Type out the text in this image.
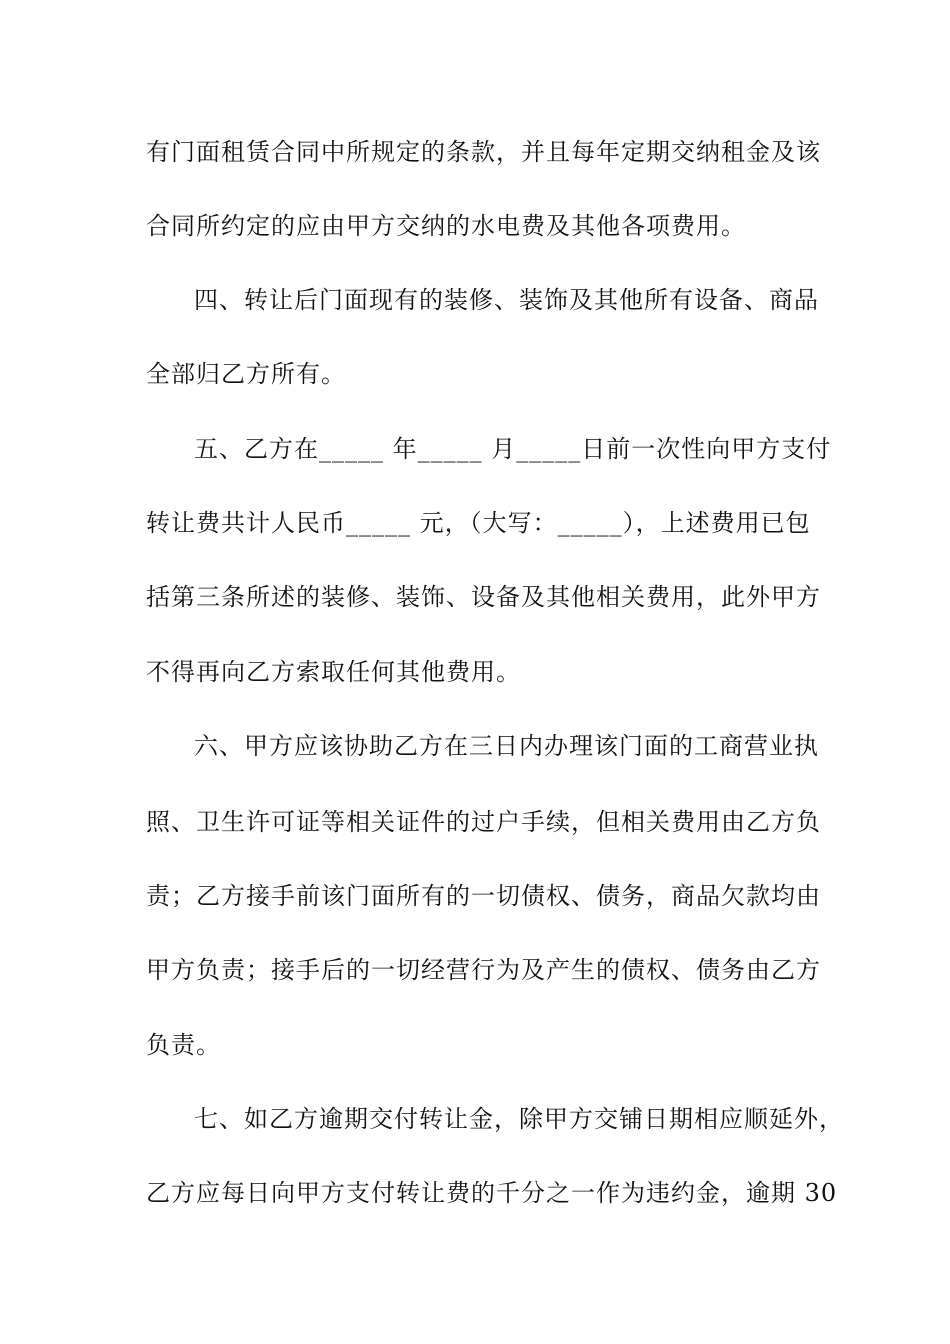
有门面租赁合同中所规定的条款，并且每年定期交纳租金及该
合同所约定的应由甲方交纳的水电费及其他各项费用。
四、转让后门面现有的装修、装饰及其他所有设备、商品
全部归乙方所有。
五、乙方在_____ 年_____ 月_____日前一次性向甲方支付
转让费共计人民币_____ 元，（大写：_____），上述费用已包
括第三条所述的装修、装饰、设备及其他相关费用，此外甲方
不得再向乙方索取任何其他费用。
六、甲方应该协助乙方在三日内办理该门面的工商营业执
照、卫生许可证等相关证件的过户手续，但相关费用由乙方负
责；乙方接手前该门面所有的一切债权、债务，商品欠款均由
甲方负责；接手后的一切经营行为及产生的债权、债务由乙方
负责。
七、如乙方逾期交付转让金，除甲方交铺日期相应顺延外，
乙方应每日向甲方支付转让费的千分之一作为违约金，逾期 30
